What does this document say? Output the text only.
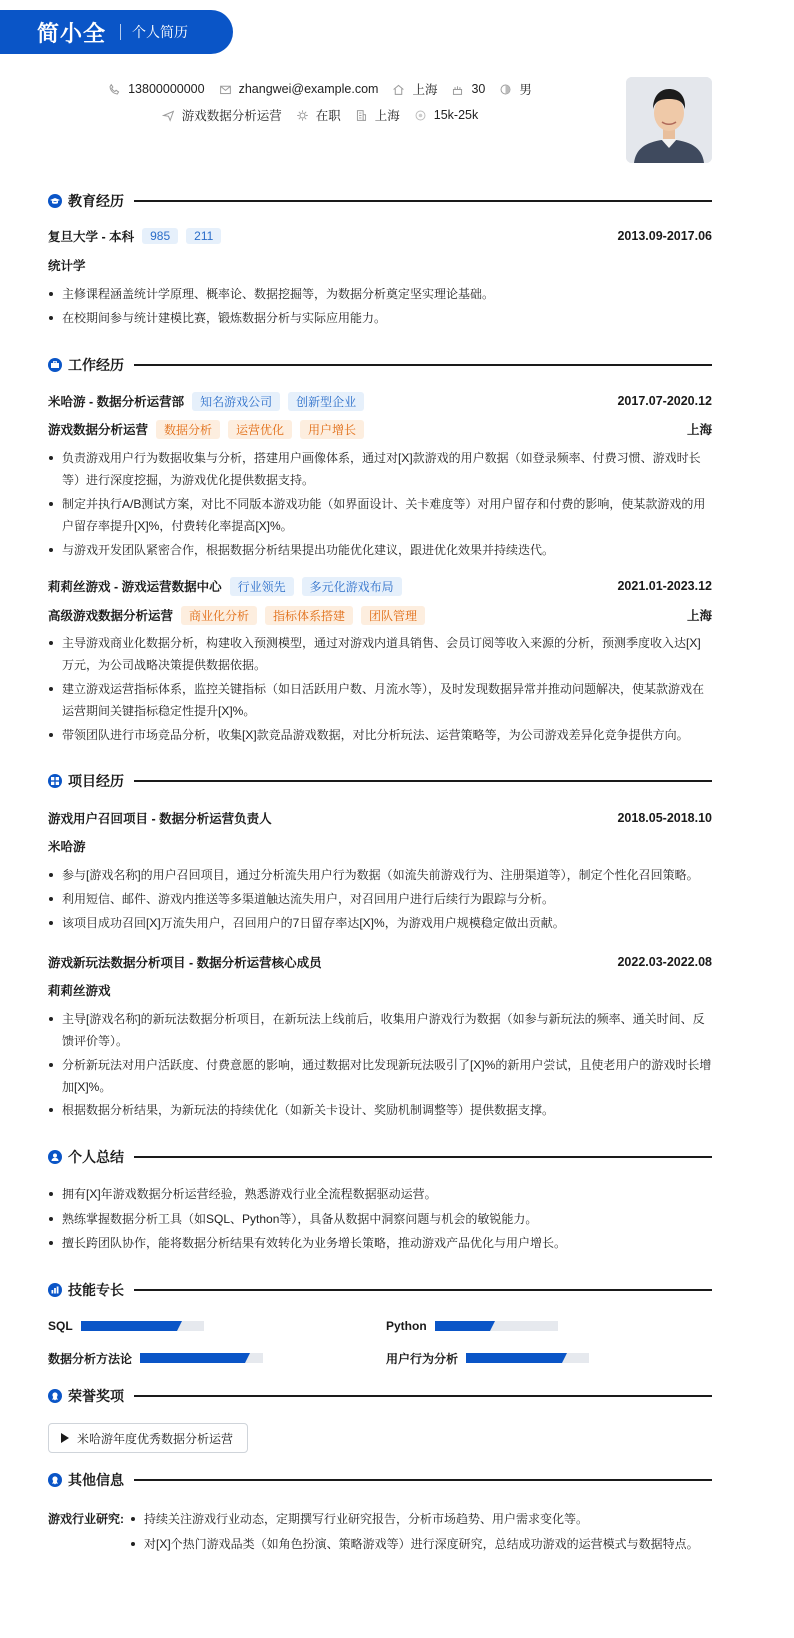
简小全 个人简历
13800000000	zhangwei@example.com	上海	30	男
游戏数据分析运营	在职	上海	15k-25k
教育经历
复旦大学 - 本科	985	211	2013.09-2017.06
统计学
主修课程涵盖统计学原理、概率论、数据挖掘等，为数据分析奠定坚实理论基础。
在校期间参与统计建模比赛，锻炼数据分析与实际应用能力。
工作经历
米哈游 - 数据分析运营部	知名游戏公司	创新型企业	2017.07-2020.12
游戏数据分析运营	数据分析	运营优化	用户增长	上海
负责游戏用户行为数据收集与分析，搭建用户画像体系，通过对[X]款游戏的用户数据（如登录频率、付费习惯、游戏时长等）进行深度挖掘，为游戏优化提供数据支持。
制定并执行A/B测试方案，对比不同版本游戏功能（如界面设计、关卡难度等）对用户留存和付费的影响，使某款游戏的用户留存率提升[X]%，付费转化率提高[X]%。
与游戏开发团队紧密合作，根据数据分析结果提出功能优化建议，跟进优化效果并持续迭代。
莉莉丝游戏 - 游戏运营数据中心	行业领先	多元化游戏布局	2021.01-2023.12
高级游戏数据分析运营	商业化分析	指标体系搭建	团队管理	上海
主导游戏商业化数据分析，构建收入预测模型，通过对游戏内道具销售、会员订阅等收入来源的分析，预测季度收入达[X]万元，为公司战略决策提供数据依据。
建立游戏运营指标体系，监控关键指标（如日活跃用户数、月流水等），及时发现数据异常并推动问题解决，使某款游戏在运营期间关键指标稳定性提升[X]%。
带领团队进行市场竞品分析，收集[X]款竞品游戏数据，对比分析玩法、运营策略等，为公司游戏差异化竞争提供方向。
项目经历
游戏用户召回项目 - 数据分析运营负责人	2018.05-2018.10
米哈游
参与[游戏名称]的用户召回项目，通过分析流失用户行为数据（如流失前游戏行为、注册渠道等），制定个性化召回策略。
利用短信、邮件、游戏内推送等多渠道触达流失用户，对召回用户进行后续行为跟踪与分析。
该项目成功召回[X]万流失用户，召回用户的7日留存率达[X]%，为游戏用户规模稳定做出贡献。
游戏新玩法数据分析项目 - 数据分析运营核心成员	2022.03-2022.08
莉莉丝游戏
主导[游戏名称]的新玩法数据分析项目，在新玩法上线前后，收集用户游戏行为数据（如参与新玩法的频率、通关时间、反馈评价等）。
分析新玩法对用户活跃度、付费意愿的影响，通过数据对比发现新玩法吸引了[X]%的新用户尝试，且使老用户的游戏时长增加[X]%。
根据数据分析结果，为新玩法的持续优化（如新关卡设计、奖励机制调整等）提供数据支撑。
个人总结
拥有[X]年游戏数据分析运营经验，熟悉游戏行业全流程数据驱动运营。
熟练掌握数据分析工具（如SQL、Python等），具备从数据中洞察问题与机会的敏锐能力。
擅长跨团队协作，能将数据分析结果有效转化为业务增长策略，推动游戏产品优化与用户增长。
技能专长
SQL	Python
数据分析方法论	用户行为分析
荣誉奖项
米哈游年度优秀数据分析运营
其他信息
游戏行业研究:	持续关注游戏行业动态，定期撰写行业研究报告，分析市场趋势、用户需求变化等。
对[X]个热门游戏品类（如角色扮演、策略游戏等）进行深度研究，总结成功游戏的运营模式与数据特点。
